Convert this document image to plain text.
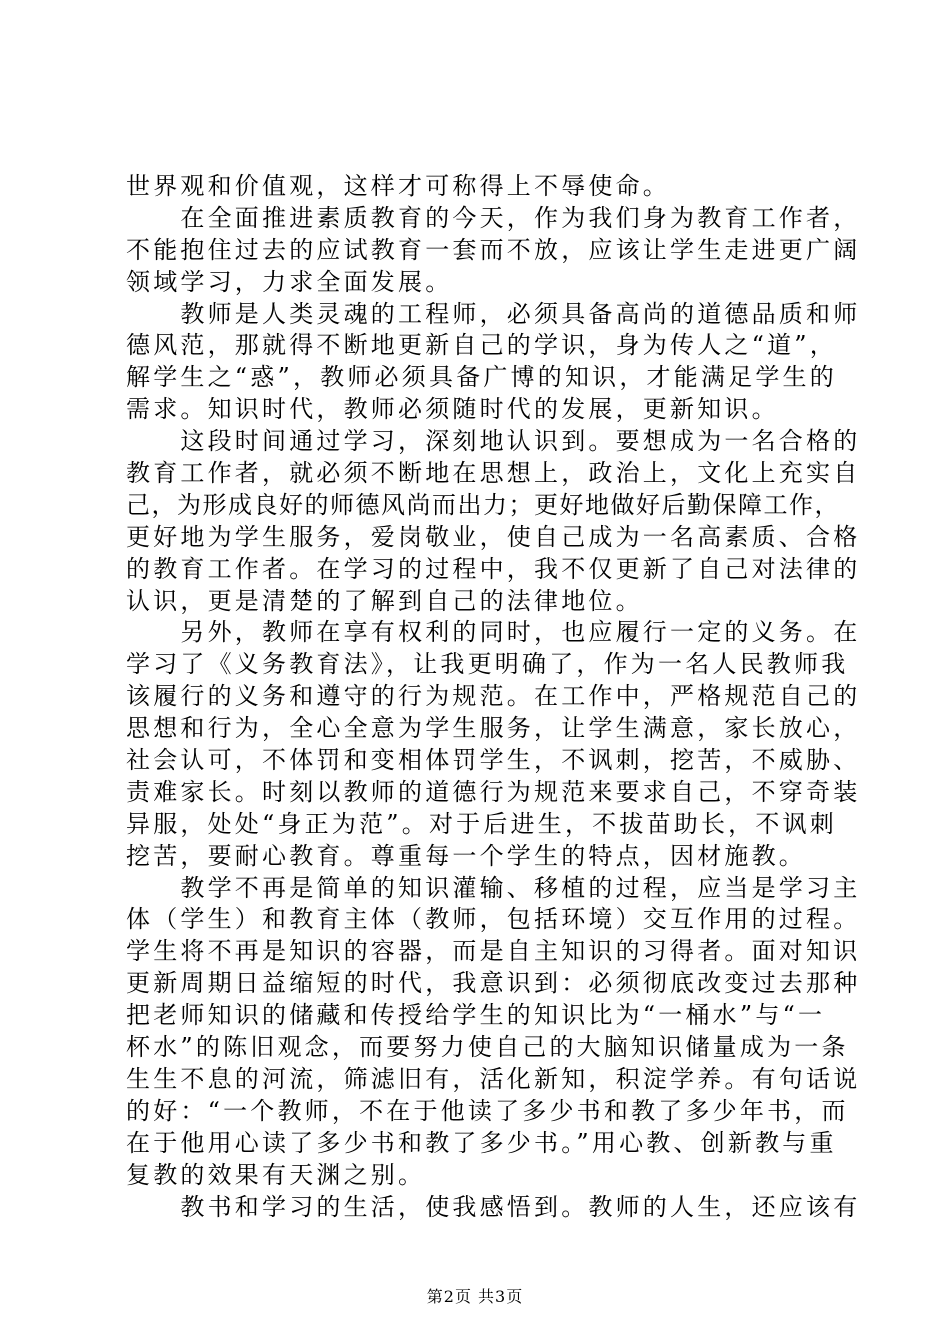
世界观和价值观，这样才可称得上不辱使命。
　　在全面推进素质教育的今天，作为我们身为教育工作者，
不能抱住过去的应试教育一套而不放，应该让学生走进更广阔
领域学习，力求全面发展。
　　教师是人类灵魂的工程师，必须具备高尚的道德品质和师
德风范，那就得不断地更新自己的学识，身为传人之“道”，
解学生之“惑”，教师必须具备广博的知识，才能满足学生的
需求。知识时代，教师必须随时代的发展，更新知识。
　　这段时间通过学习，深刻地认识到。要想成为一名合格的
教育工作者，就必须不断地在思想上，政治上，文化上充实自
己，为形成良好的师德风尚而出力；更好地做好后勤保障工作，
更好地为学生服务，爱岗敬业，使自己成为一名高素质、合格
的教育工作者。在学习的过程中，我不仅更新了自己对法律的
认识，更是清楚的了解到自己的法律地位。
　　另外，教师在享有权利的同时，也应履行一定的义务。在
学习了《义务教育法》，让我更明确了，作为一名人民教师我
该履行的义务和遵守的行为规范。在工作中，严格规范自己的
思想和行为，全心全意为学生服务，让学生满意，家长放心，
社会认可，不体罚和变相体罚学生，不讽刺，挖苦，不威胁、
责难家长。时刻以教师的道德行为规范来要求自己，不穿奇装
异服，处处“身正为范”。对于后进生，不拔苗助长，不讽刺
挖苦，要耐心教育。尊重每一个学生的特点，因材施教。
　　教学不再是简单的知识灌输、移植的过程，应当是学习主
体（学生）和教育主体（教师，包括环境）交互作用的过程。
学生将不再是知识的容器，而是自主知识的习得者。面对知识
更新周期日益缩短的时代，我意识到：必须彻底改变过去那种
把老师知识的储藏和传授给学生的知识比为“一桶水”与“一
杯水”的陈旧观念，而要努力使自己的大脑知识储量成为一条
生生不息的河流，筛滤旧有，活化新知，积淀学养。有句话说
的好：“一个教师，不在于他读了多少书和教了多少年书，而
在于他用心读了多少书和教了多少书。”用心教、创新教与重
复教的效果有天渊之别。
　　教书和学习的生活，使我感悟到。教师的人生，还应该有
第2页 共3页
